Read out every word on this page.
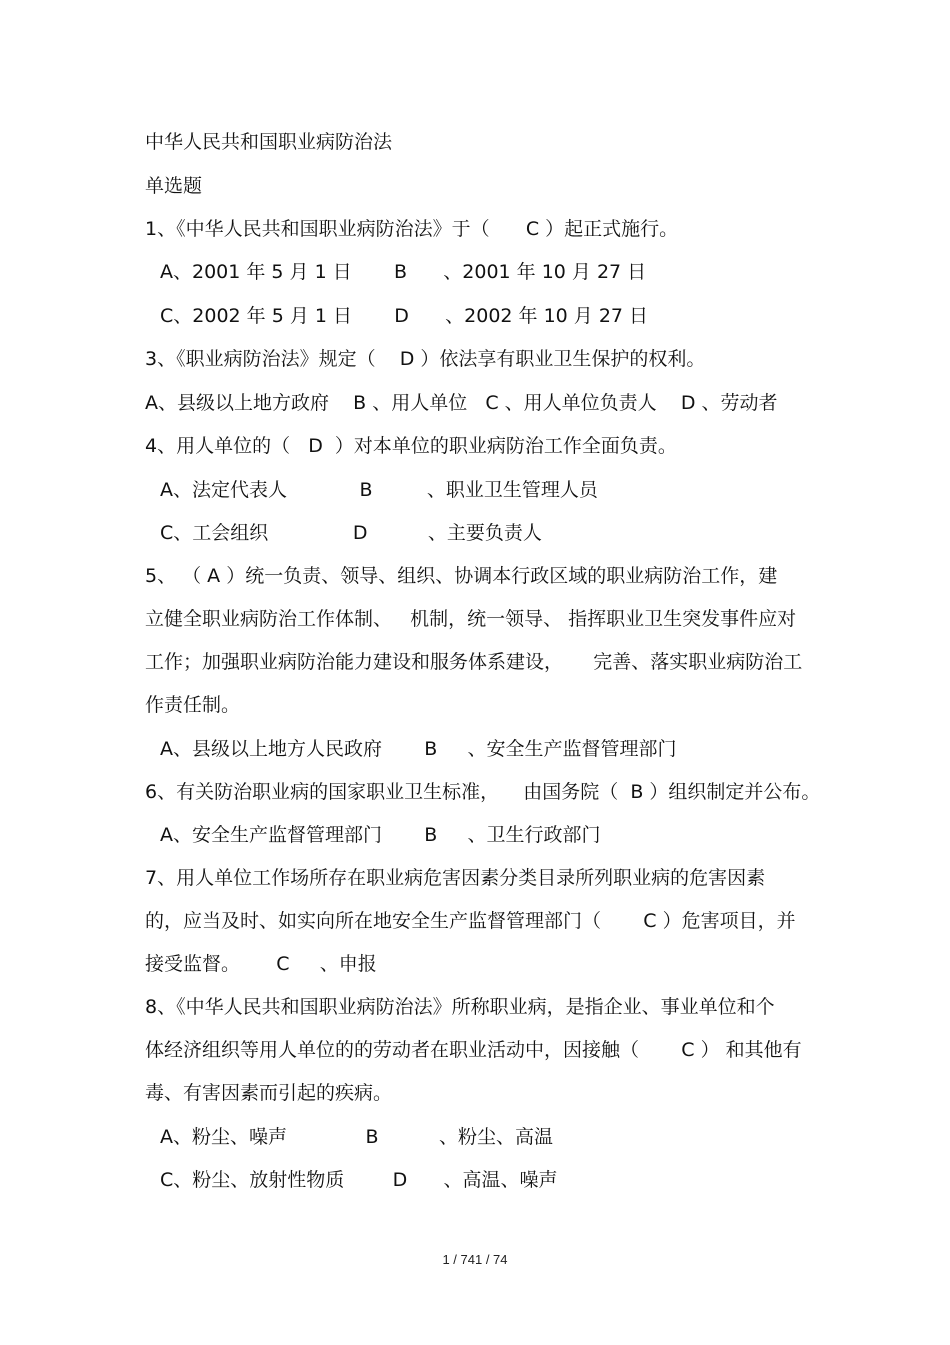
中华人民共和国职业病防治法
单选题
1、《中华人民共和国职业病防治法》于（      C ）起正式施行。
A、2001 年 5 月 1 日       B      、2001 年 10 月 27 日
C、2002 年 5 月 1 日       D      、2002 年 10 月 27 日
3、《职业病防治法》规定（    D ）依法享有职业卫生保护的权利。
A、县级以上地方政府    B 、用人单位   C 、用人单位负责人    D 、劳动者
4、用人单位的（   D  ）对本单位的职业病防治工作全面负责。
A、法定代表人            B         、职业卫生管理人员
C、工会组织              D          、主要负责人
5、 （ A ）统一负责、领导、组织、协调本行政区域的职业病防治工作，建
立健全职业病防治工作体制、   机制，统一领导、 指挥职业卫生突发事件应对
工作；加强职业病防治能力建设和服务体系建设，     完善、落实职业病防治工
作责任制。
A、县级以上地方人民政府       B     、安全生产监督管理部门
6、有关防治职业病的国家职业卫生标准，    由国务院（  B ）组织制定并公布。
A、安全生产监督管理部门       B     、卫生行政部门
7、用人单位工作场所存在职业病危害因素分类目录所列职业病的危害因素
的，应当及时、如实向所在地安全生产监督管理部门（       C ）危害项目，并
接受监督。      C     、申报
8、《中华人民共和国职业病防治法》所称职业病，是指企业、事业单位和个
体经济组织等用人单位的的劳动者在职业活动中，因接触（       C ） 和其他有
毒、有害因素而引起的疾病。
A、粉尘、噪声             B          、粉尘、高温
C、粉尘、放射性物质        D      、高温、噪声
1 / 741 / 74
